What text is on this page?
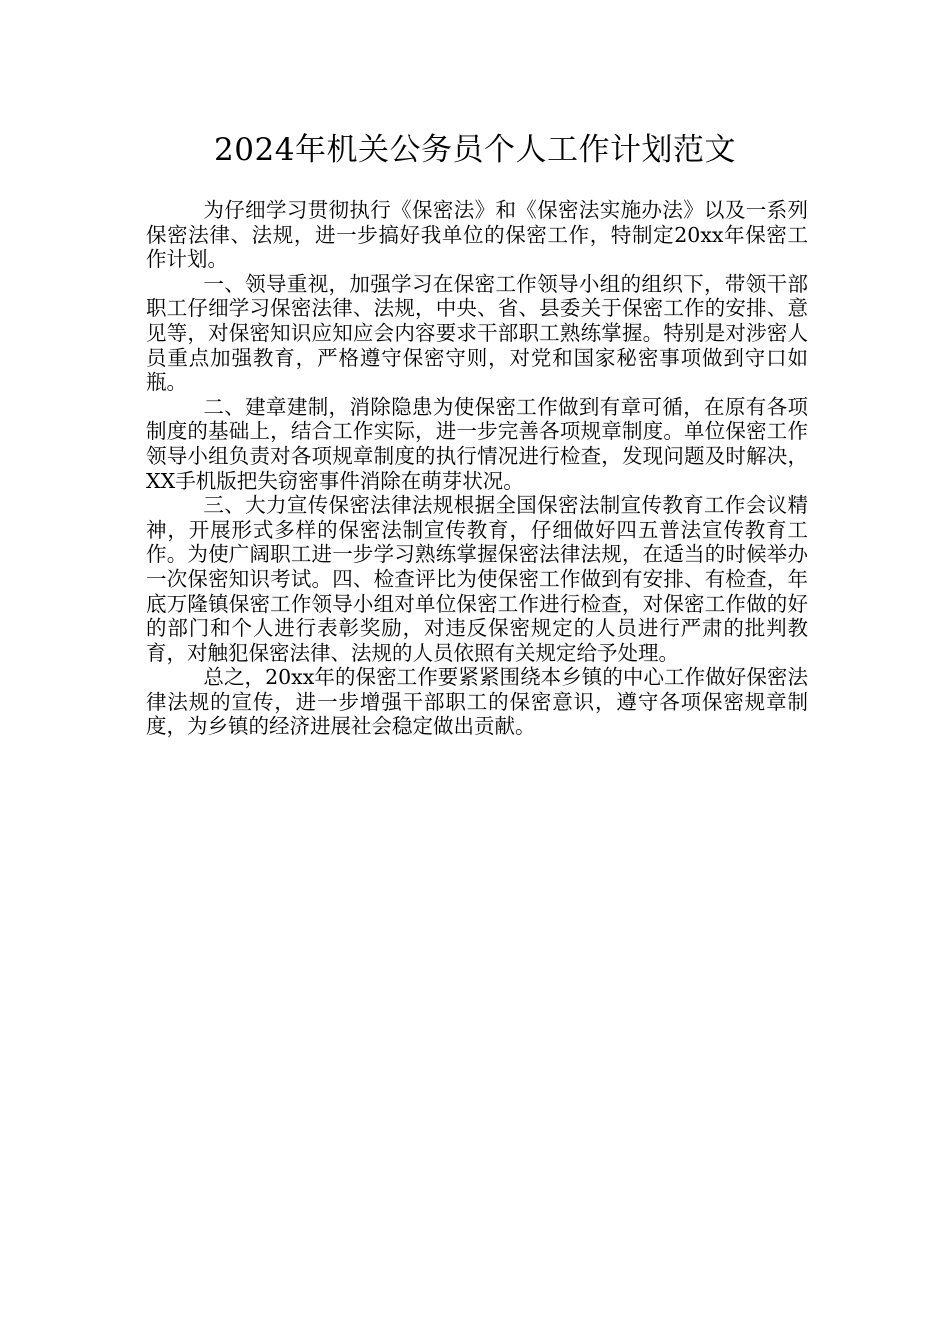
2024年机关公务员个人工作计划范文

为仔细学习贯彻执行《保密法》和《保密法实施办法》以及一系列保密法律、法规，进一步搞好我单位的保密工作，特制定20xx年保密工作计划。

一、领导重视，加强学习在保密工作领导小组的组织下，带领干部职工仔细学习保密法律、法规，中央、省、县委关于保密工作的安排、意见等，对保密知识应知应会内容要求干部职工熟练掌握。特别是对涉密人员重点加强教育，严格遵守保密守则，对党和国家秘密事项做到守口如瓶。

二、建章建制，消除隐患为使保密工作做到有章可循，在原有各项制度的基础上，结合工作实际，进一步完善各项规章制度。单位保密工作领导小组负责对各项规章制度的执行情况进行检查，发现问题及时解决，XX手机版把失窃密事件消除在萌芽状况。

三、大力宣传保密法律法规根据全国保密法制宣传教育工作会议精神，开展形式多样的保密法制宣传教育，仔细做好四五普法宣传教育工作。为使广阔职工进一步学习熟练掌握保密法律法规，在适当的时候举办一次保密知识考试。四、检查评比为使保密工作做到有安排、有检查，年底万隆镇保密工作领导小组对单位保密工作进行检查，对保密工作做的好的部门和个人进行表彰奖励，对违反保密规定的人员进行严肃的批判教育，对触犯保密法律、法规的人员依照有关规定给予处理。

总之，20xx年的保密工作要紧紧围绕本乡镇的中心工作做好保密法律法规的宣传，进一步增强干部职工的保密意识，遵守各项保密规章制度，为乡镇的经济进展社会稳定做出贡献。
